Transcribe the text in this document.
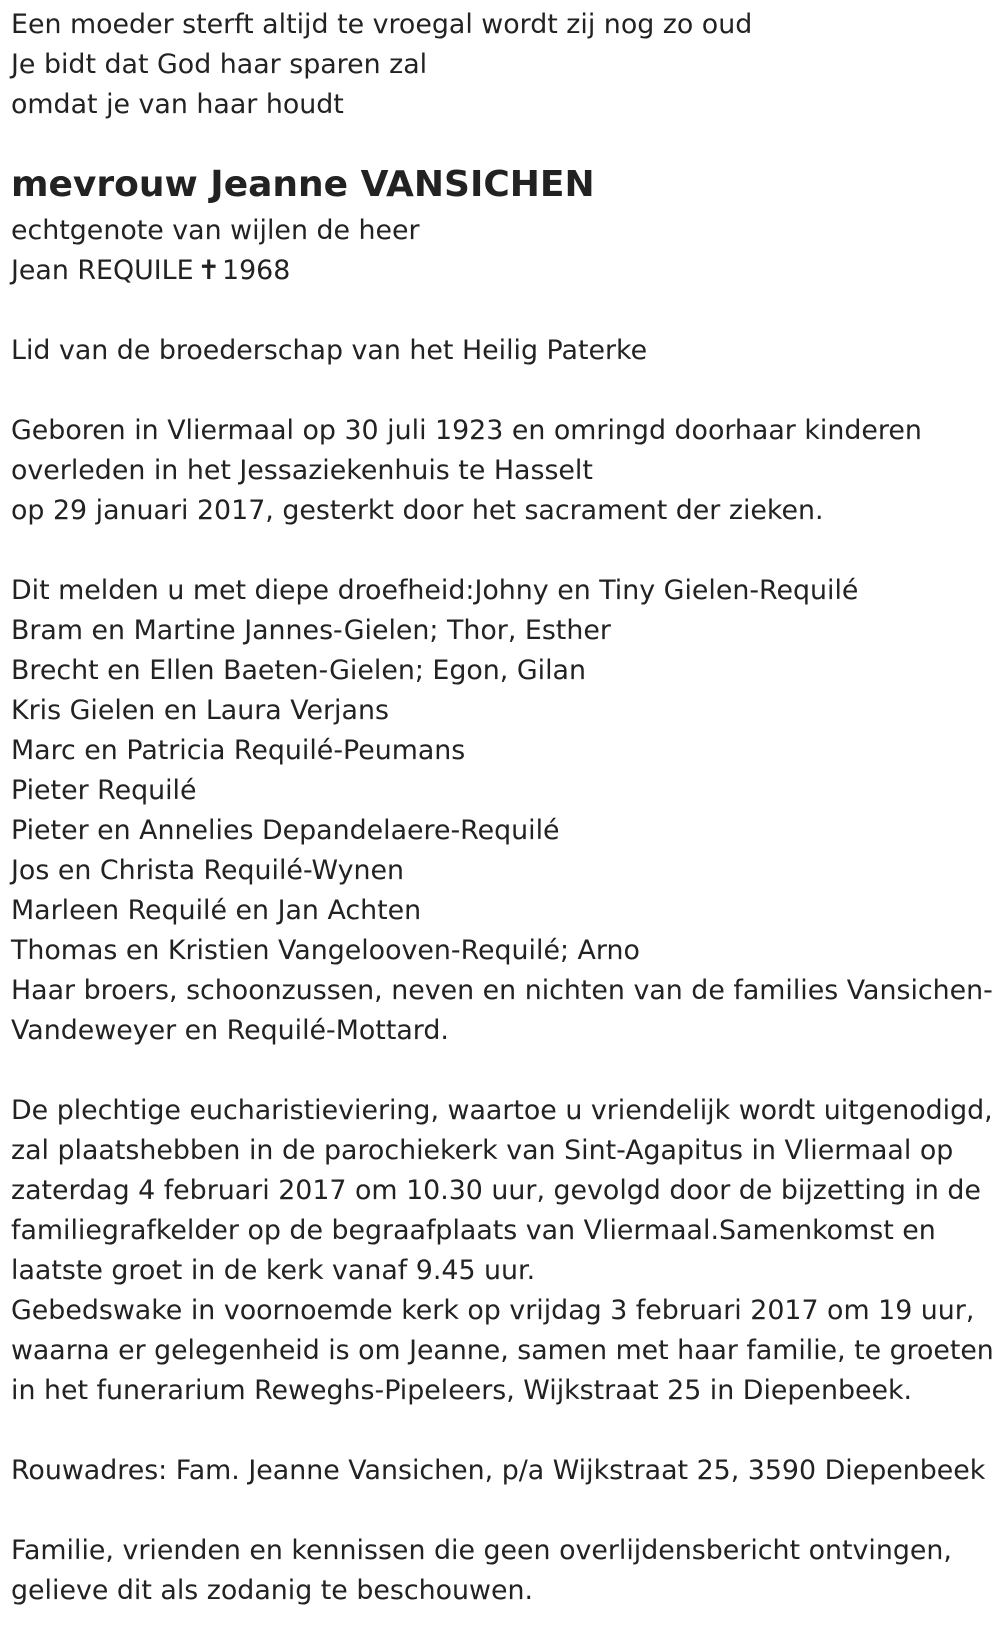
Een moeder sterft altijd te vroegal wordt zij nog zo oud
Je bidt dat God haar sparen zal
omdat je van haar houdt
mevrouw Jeanne VANSICHEN
echtgenote van wijlen de heer
Jean REQUILE ✝1968
Lid van de broederschap van het Heilig Paterke
Geboren in Vliermaal op 30 juli 1923 en omringd doorhaar kinderen
overleden in het Jessaziekenhuis te Hasselt
op 29 januari 2017, gesterkt door het sacrament der zieken.
Dit melden u met diepe droefheid:Johny en Tiny Gielen-Requilé
Bram en Martine Jannes-Gielen; Thor, Esther
Brecht en Ellen Baeten-Gielen; Egon, Gilan
Kris Gielen en Laura Verjans
Marc en Patricia Requilé-Peumans
Pieter Requilé
Pieter en Annelies Depandelaere-Requilé
Jos en Christa Requilé-Wynen
Marleen Requilé en Jan Achten
Thomas en Kristien Vangelooven-Requilé; Arno
Haar broers, schoonzussen, neven en nichten van de families Vansichen-
Vandeweyer en Requilé-Mottard.
De plechtige eucharistieviering, waartoe u vriendelijk wordt uitgenodigd,
zal plaatshebben in de parochiekerk van Sint-Agapitus in Vliermaal op
zaterdag 4 februari 2017 om 10.30 uur, gevolgd door de bijzetting in de
familiegrafkelder op de begraafplaats van Vliermaal.Samenkomst en
laatste groet in de kerk vanaf 9.45 uur.
Gebedswake in voornoemde kerk op vrijdag 3 februari 2017 om 19 uur,
waarna er gelegenheid is om Jeanne, samen met haar familie, te groeten
in het funerarium Reweghs-Pipeleers, Wijkstraat 25 in Diepenbeek.
Rouwadres: Fam. Jeanne Vansichen, p/a Wijkstraat 25, 3590 Diepenbeek
Familie, vrienden en kennissen die geen overlijdensbericht ontvingen,
gelieve dit als zodanig te beschouwen.
